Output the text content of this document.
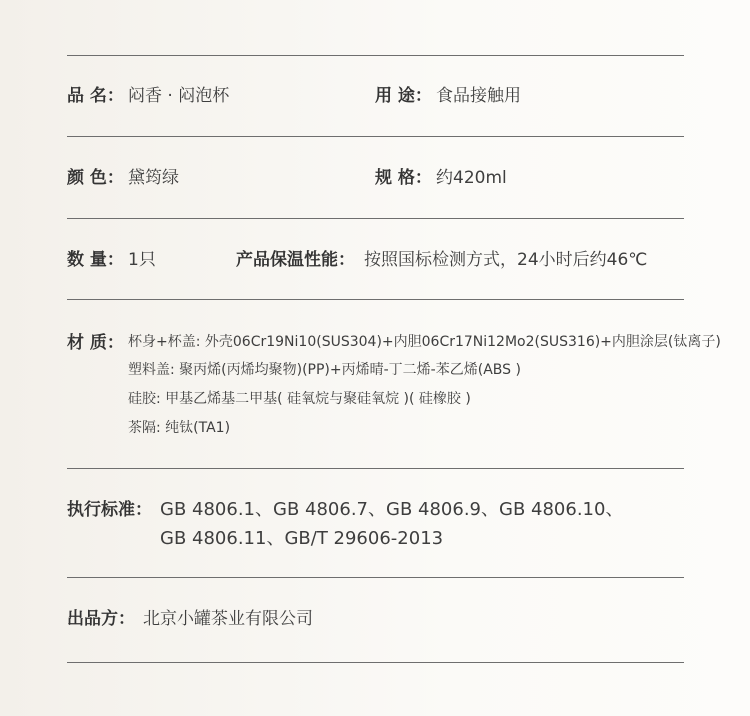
品 名： 闷香 · 闷泡杯	用 途： 食品接触用
颜 色： 黛筠绿	规 格： 约420ml
数 量： 1只	产品保温性能： 按照国标检测方式，24小时后约46℃
材 质： 杯身+杯盖: 外壳06Cr19Ni10(SUS304)+内胆06Cr17Ni12Mo2(SUS316)+内胆涂层(钛离子)
塑料盖: 聚丙烯(丙烯均聚物)(PP)+丙烯晴-丁二烯-苯乙烯(ABS )
硅胶: 甲基乙烯基二甲基( 硅氧烷与聚硅氧烷 )( 硅橡胶 )
茶隔: 纯钛(TA1)
执行标准： GB 4806.1、GB 4806.7、GB 4806.9、GB 4806.10、
GB 4806.11、GB/T 29606-2013
出品方： 北京小罐茶业有限公司
